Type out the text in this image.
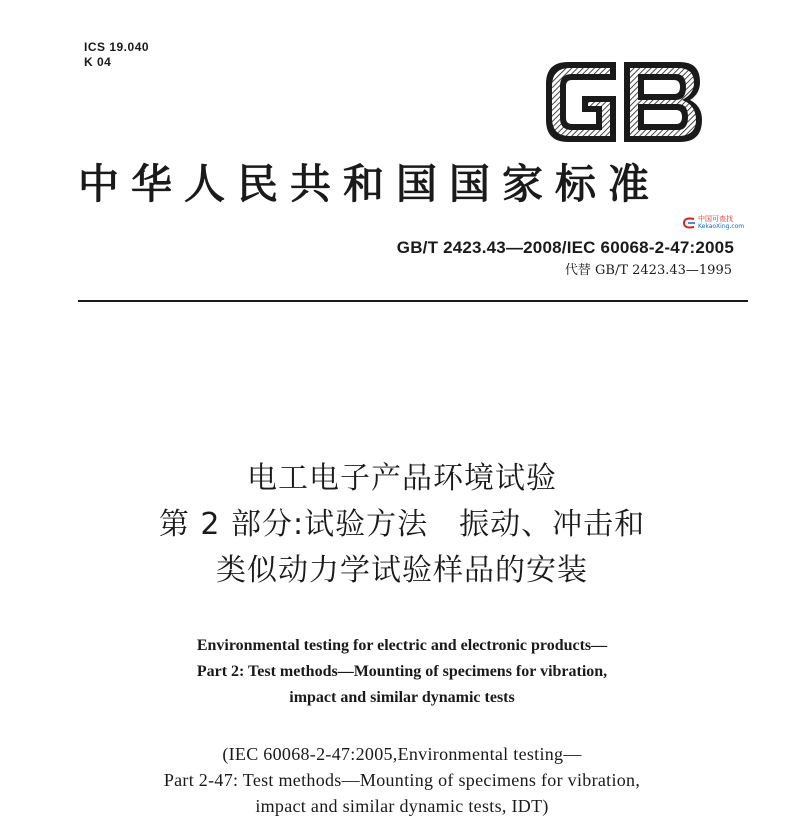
ICS 19.040
K 04
GB
中华人民共和国国家标准
中国可查找
KekaoXing.com
GB/T 2423.43—2008/IEC 60068-2-47:2005
代替 GB/T 2423.43—1995
电工电子产品环境试验
第 2 部分:试验方法　振动、冲击和
类似动力学试验样品的安装
Environmental testing for electric and electronic products—
Part 2: Test methods—Mounting of specimens for vibration,
impact and similar dynamic tests
(IEC 60068-2-47:2005,Environmental testing—
Part 2-47: Test methods—Mounting of specimens for vibration,
impact and similar dynamic tests, IDT)
